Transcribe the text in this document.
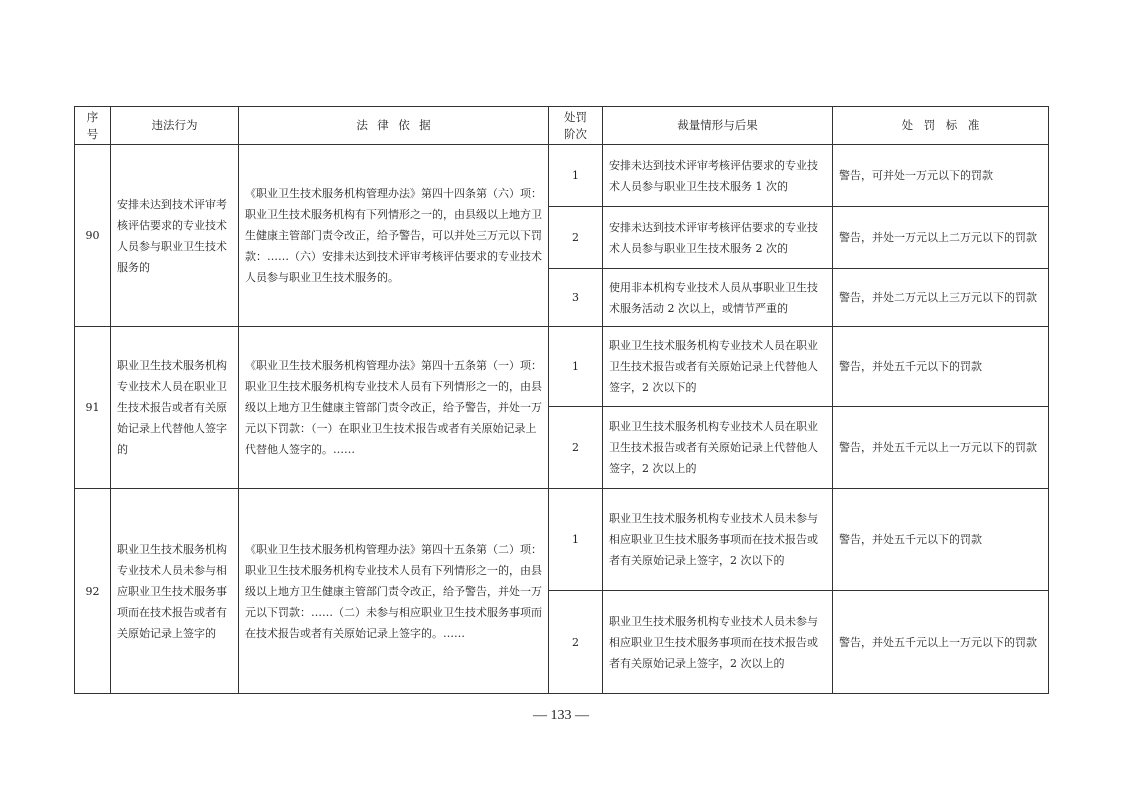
序号	违法行为	法 律 依 据	处罚阶次	裁量情形与后果	处 罚 标 准
90	安排未达到技术评审考核评估要求的专业技术人员参与职业卫生技术服务的	《职业卫生技术服务机构管理办法》第四十四条第（六）项：职业卫生技术服务机构有下列情形之一的，由县级以上地方卫生健康主管部门责令改正，给予警告，可以并处三万元以下罚款：……（六）安排未达到技术评审考核评估要求的专业技术人员参与职业卫生技术服务的。	1	安排未达到技术评审考核评估要求的专业技术人员参与职业卫生技术服务 1 次的	警告，可并处一万元以下的罚款
			2	安排未达到技术评审考核评估要求的专业技术人员参与职业卫生技术服务 2 次的	警告，并处一万元以上二万元以下的罚款
			3	使用非本机构专业技术人员从事职业卫生技术服务活动 2 次以上，或情节严重的	警告，并处二万元以上三万元以下的罚款
91	职业卫生技术服务机构专业技术人员在职业卫生技术报告或者有关原始记录上代替他人签字的	《职业卫生技术服务机构管理办法》第四十五条第（一）项：职业卫生技术服务机构专业技术人员有下列情形之一的，由县级以上地方卫生健康主管部门责令改正，给予警告，并处一万元以下罚款：（一）在职业卫生技术报告或者有关原始记录上代替他人签字的。……	1	职业卫生技术服务机构专业技术人员在职业卫生技术报告或者有关原始记录上代替他人签字，2 次以下的	警告，并处五千元以下的罚款
			2	职业卫生技术服务机构专业技术人员在职业卫生技术报告或者有关原始记录上代替他人签字，2 次以上的	警告，并处五千元以上一万元以下的罚款
92	职业卫生技术服务机构专业技术人员未参与相应职业卫生技术服务事项而在技术报告或者有关原始记录上签字的	《职业卫生技术服务机构管理办法》第四十五条第（二）项：职业卫生技术服务机构专业技术人员有下列情形之一的，由县级以上地方卫生健康主管部门责令改正，给予警告，并处一万元以下罚款：……（二）未参与相应职业卫生技术服务事项而在技术报告或者有关原始记录上签字的。……	1	职业卫生技术服务机构专业技术人员未参与相应职业卫生技术服务事项而在技术报告或者有关原始记录上签字，2 次以下的	警告，并处五千元以下的罚款
			2	职业卫生技术服务机构专业技术人员未参与相应职业卫生技术服务事项而在技术报告或者有关原始记录上签字，2 次以上的	警告，并处五千元以上一万元以下的罚款
— 133 —
